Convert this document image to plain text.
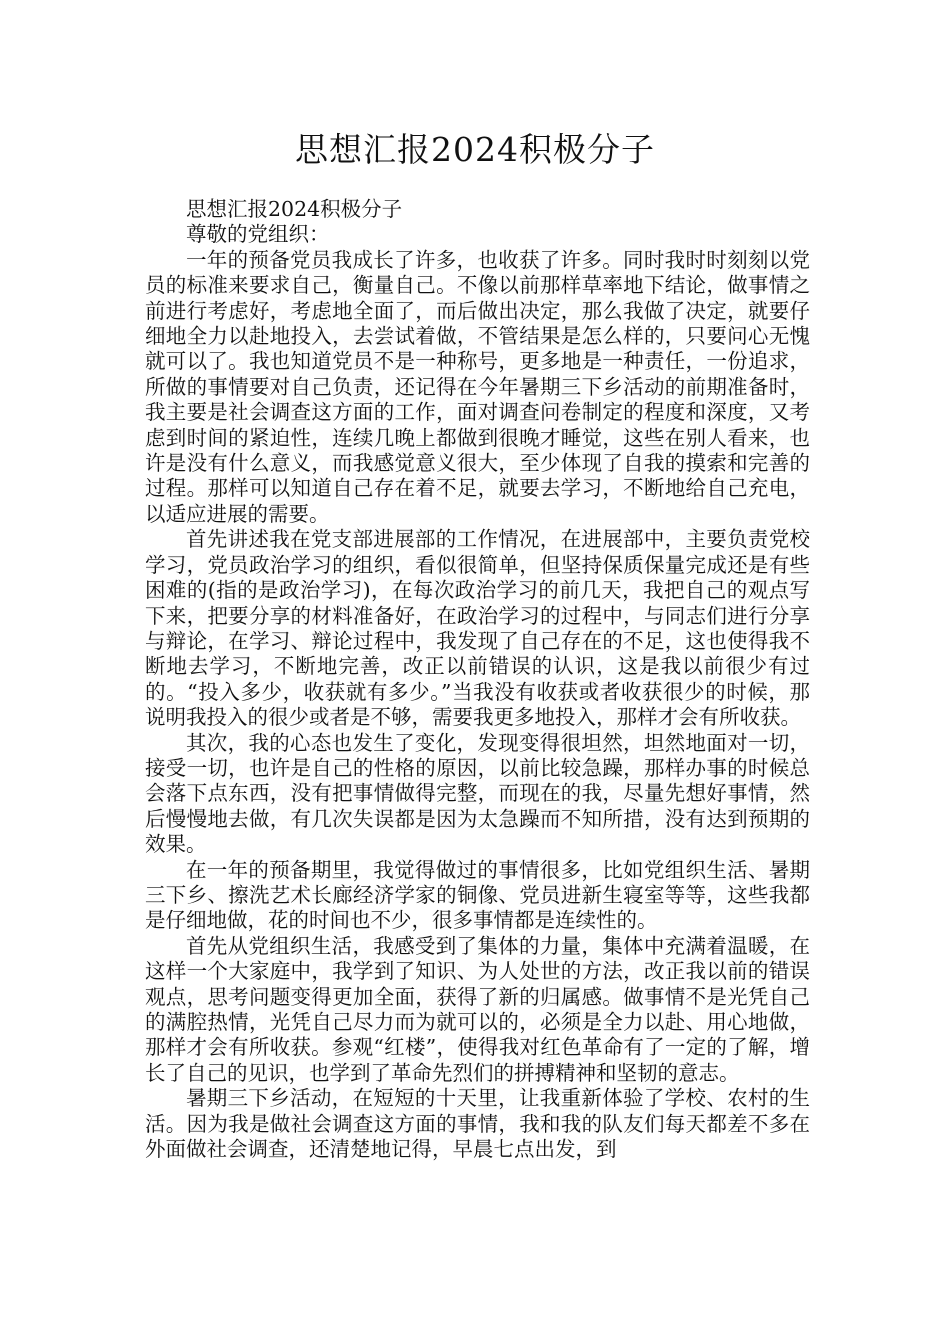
思想汇报2024积极分子

思想汇报2024积极分子

尊敬的党组织：

一年的预备党员我成长了许多，也收获了许多。同时我时时刻刻以党员的标准来要求自己，衡量自己。不像以前那样草率地下结论，做事情之前进行考虑好，考虑地全面了，而后做出决定，那么我做了决定，就要仔细地全力以赴地投入，去尝试着做，不管结果是怎么样的，只要问心无愧就可以了。我也知道党员不是一种称号，更多地是一种责任，一份追求，所做的事情要对自己负责，还记得在今年暑期三下乡活动的前期准备时，我主要是社会调查这方面的工作，面对调查问卷制定的程度和深度，又考虑到时间的紧迫性，连续几晚上都做到很晚才睡觉，这些在别人看来，也许是没有什么意义，而我感觉意义很大，至少体现了自我的摸索和完善的过程。那样可以知道自己存在着不足，就要去学习，不断地给自己充电，以适应进展的需要。

首先讲述我在党支部进展部的工作情况，在进展部中，主要负责党校学习，党员政治学习的组织，看似很简单，但坚持保质保量完成还是有些困难的(指的是政治学习)，在每次政治学习的前几天，我把自己的观点写下来，把要分享的材料准备好，在政治学习的过程中，与同志们进行分享与辩论，在学习、辩论过程中，我发现了自己存在的不足，这也使得我不断地去学习，不断地完善，改正以前错误的认识，这是我以前很少有过的。“投入多少，收获就有多少。”当我没有收获或者收获很少的时候，那说明我投入的很少或者是不够，需要我更多地投入，那样才会有所收获。

其次，我的心态也发生了变化，发现变得很坦然，坦然地面对一切，接受一切，也许是自己的性格的原因，以前比较急躁，那样办事的时候总会落下点东西，没有把事情做得完整，而现在的我，尽量先想好事情，然后慢慢地去做，有几次失误都是因为太急躁而不知所措，没有达到预期的效果。

在一年的预备期里，我觉得做过的事情很多，比如党组织生活、暑期三下乡、擦洗艺术长廊经济学家的铜像、党员进新生寝室等等，这些我都是仔细地做，花的时间也不少，很多事情都是连续性的。

首先从党组织生活，我感受到了集体的力量，集体中充满着温暖，在这样一个大家庭中，我学到了知识、为人处世的方法，改正我以前的错误观点，思考问题变得更加全面，获得了新的归属感。做事情不是光凭自己的满腔热情，光凭自己尽力而为就可以的，必须是全力以赴、用心地做，那样才会有所收获。参观“红楼”，使得我对红色革命有了一定的了解，增长了自己的见识，也学到了革命先烈们的拼搏精神和坚韧的意志。

暑期三下乡活动，在短短的十天里，让我重新体验了学校、农村的生活。因为我是做社会调查这方面的事情，我和我的队友们每天都差不多在外面做社会调查，还清楚地记得，早晨七点出发，到
